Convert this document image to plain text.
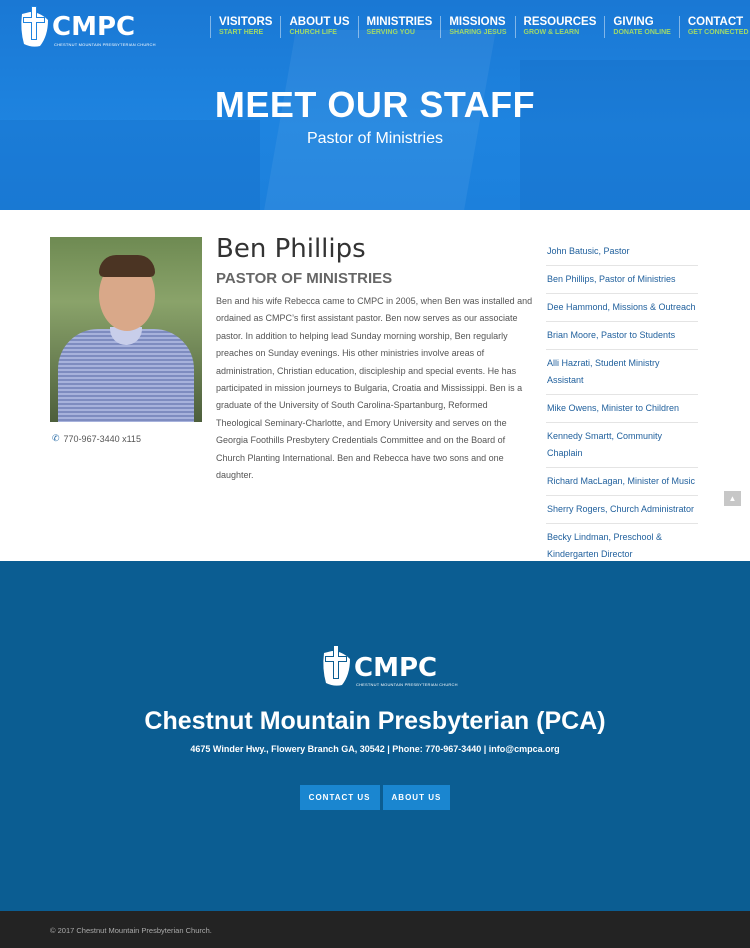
CMPC
CHESTNUT MOUNTAIN PRESBYTERIAN CHURCH
VISITORS
START HERE
ABOUT US
CHURCH LIFE
MINISTRIES
SERVING YOU
MISSIONS
SHARING JESUS
RESOURCES
GROW & LEARN
GIVING
DONATE ONLINE
CONTACT
GET CONNECTED
MEET OUR STAFF
Pastor of Ministries
✆ 770-967-3440 x115
Ben Phillips
PASTOR OF MINISTRIES

Ben and his wife Rebecca came to CMPC in 2005, when Ben was installed and ordained as CMPC’s first assistant pastor. Ben now serves as our associate pastor. In addition to helping lead Sunday morning worship, Ben regularly preaches on Sunday evenings. His other ministries involve areas of administration, Christian education, discipleship and special events. He has participated in mission journeys to Bulgaria, Croatia and Mississippi. Ben is a graduate of the University of South Carolina-Spartanburg, Reformed Theological Seminary-Charlotte, and Emory University and serves on the Georgia Foothills Presbytery Credentials Committee and on the Board of Church Planting International. Ben and Rebecca have two sons and one daughter.

John Batusic, Pastor
Ben Phillips, Pastor of Ministries
Dee Hammond, Missions & Outreach
Brian Moore, Pastor to Students
Alli Hazrati, Student Ministry Assistant
Mike Owens, Minister to Children
Kennedy Smartt, Community Chaplain
Richard MacLagan, Minister of Music
Sherry Rogers, Church Administrator
Becky Lindman, Preschool & Kindergarten Director
▲
CMPC
CHESTNUT MOUNTAIN PRESBYTERIAN CHURCH
Chestnut Mountain Presbyterian (PCA)
4675 Winder Hwy., Flowery Branch GA, 30542 | Phone: 770-967-3440 | info@cmpca.org
CONTACT US	ABOUT US
© 2017 Chestnut Mountain Presbyterian Church.
